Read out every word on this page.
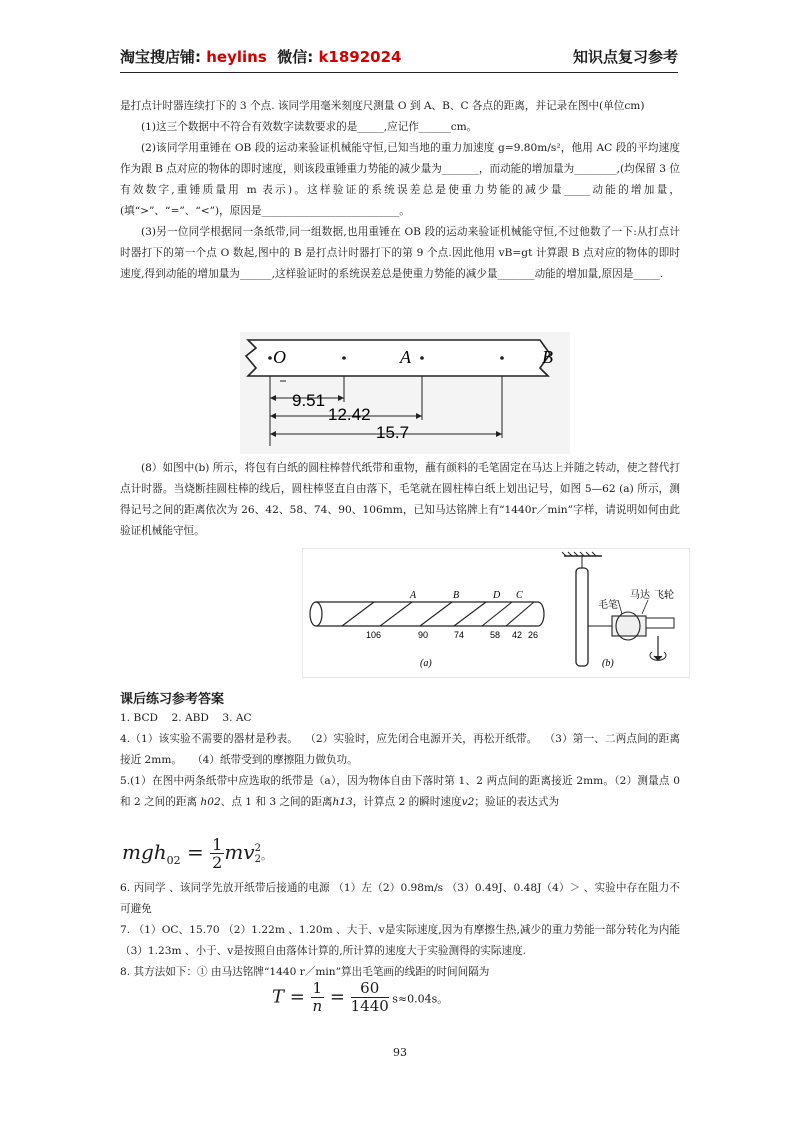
淘宝搜店铺: heylins  微信: k1892024	知识点复习参考

是打点计时器连续打下的 3 个点. 该同学用毫米刻度尺测量 O 到 A、B、C 各点的距离，并记录在图中(单位cm)

(1)这三个数据中不符合有效数字读数要求的是_____,应记作______cm。

(2)该同学用重锤在 OB 段的运动来验证机械能守恒,已知当地的重力加速度 g=9.80m/s²，他用 AC 段的平均速度作为跟 B 点对应的物体的即时速度，则该段重锤重力势能的减少量为_______，而动能的增加量为________,(均保留 3 位有效数字,重锤质量用 m 表示)。这样验证的系统误差总是使重力势能的减少量_____动能的增加量，(填“>”、“=”、“<”)，原因是__________________________。

(3)另一位同学根据同一条纸带,同一组数据,也用重锤在 OB 段的运动来验证机械能守恒,不过他数了一下:从打点计时器打下的第一个点 O 数起,图中的 B 是打点计时器打下的第 9 个点.因此他用 vB=gt 计算跟 B 点对应的物体的即时速度,得到动能的增加量为______,这样验证时的系统误差总是使重力势能的减少量_______动能的增加量,原因是_____.

O	A	B
9.51
12.42
15.7

(8）如图中(b) 所示，将包有白纸的圆柱棒替代纸带和重物，蘸有颜料的毛笔固定在马达上并随之转动，使之替代打点计时器。当烧断挂圆柱棒的线后，圆柱棒竖直自由落下，毛笔就在圆柱棒白纸上划出记号，如图 5—62 (a) 所示，测得记号之间的距离依次为 26、42、58、74、90、106mm，已知马达铭牌上有“1440r／min”字样，请说明如何由此验证机械能守恒。

A	B	D C
106	90	74	58 42 26
(a)
毛笔
马达 飞轮
(b)
课后练习参考答案

1. BCD    2. ABD    3. AC

4.（1）该实验不需要的器材是秒表。  （2）实验时，应先闭合电源开关，再松开纸带。  （3）第一、二两点间的距离接近 2mm。   （4）纸带受到的摩擦阻力做负功。

5.(1）在图中两条纸带中应选取的纸带是（a），因为物体自由下落时第 1、2 两点间的距离接近 2mm。（2）测量点 0 和 2 之间的距离 h02、点 1 和 3 之间的距离h13，计算点 2 的瞬时速度v2；验证的表达式为

$mgh_{02} = \frac{1}{2}$ mv 2
2 。

6. 丙同学 、该同学先放开纸带后接通的电源 （1）左（2）0.98m/s （3）0.49J、0.48J（4）＞ 、实验中存在阻力不可避免

7. （1）OC、15.70 （2）1.22m 、1.20m 、大于、v是实际速度,因为有摩擦生热,减少的重力势能一部分转化为内能 （3）1.23m 、小于、v是按照自由落体计算的,所计算的速度大于实验测得的实际速度.

8. 其方法如下：① 由马达铭牌“1440 r／min”算出毛笔画的线距的时间间隔为

$T = \frac{1}{n} = \frac{60}{1440} s\approx 0.04s$。
93
